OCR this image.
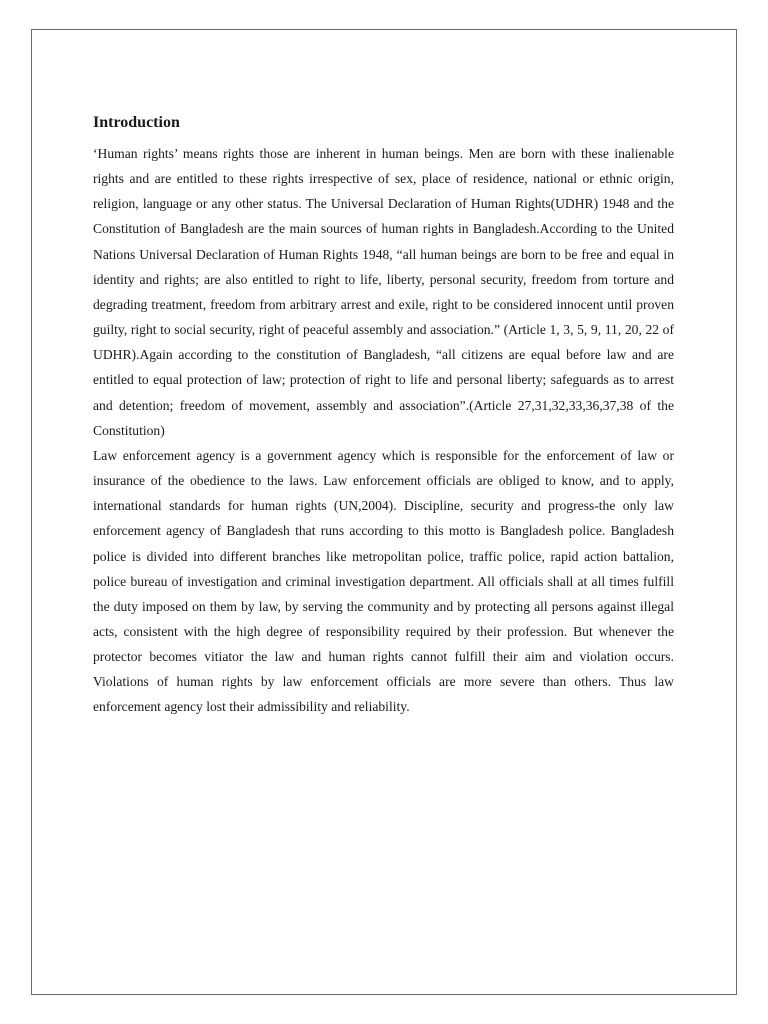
Introduction

‘Human rights’ means rights those are inherent in human beings. Men are born with these inalienable rights and are entitled to these rights irrespective of sex, place of residence, national or ethnic origin, religion, language or any other status. The Universal Declaration of Human Rights(UDHR) 1948 and the Constitution of Bangladesh are the main sources of human rights in Bangladesh.According to the United Nations Universal Declaration of Human Rights 1948, “all human beings are born to be free and equal in identity and rights; are also entitled to right to life, liberty, personal security, freedom from torture and degrading treatment, freedom from arbitrary arrest and exile, right to be considered innocent until proven guilty, right to social security, right of peaceful assembly and association.” (Article 1, 3, 5, 9, 11, 20, 22 of UDHR).Again according to the constitution of Bangladesh, “all citizens are equal before law and are entitled to equal protection of law; protection of right to life and personal liberty; safeguards as to arrest and detention; freedom of movement, assembly and association”.(Article 27,31,32,33,36,37,38 of the Constitution)

Law enforcement agency is a government agency which is responsible for the enforcement of law or insurance of the obedience to the laws. Law enforcement officials are obliged to know, and to apply, international standards for human rights (UN,2004). Discipline, security and progress-the only law enforcement agency of Bangladesh that runs according to this motto is Bangladesh police. Bangladesh police is divided into different branches like metropolitan police, traffic police, rapid action battalion, police bureau of investigation and criminal investigation department. All officials shall at all times fulfill the duty imposed on them by law, by serving the community and by protecting all persons against illegal acts, consistent with the high degree of responsibility required by their profession. But whenever the protector becomes vitiator the law and human rights cannot fulfill their aim and violation occurs. Violations of human rights by law enforcement officials are more severe than others. Thus law enforcement agency lost their admissibility and reliability.
